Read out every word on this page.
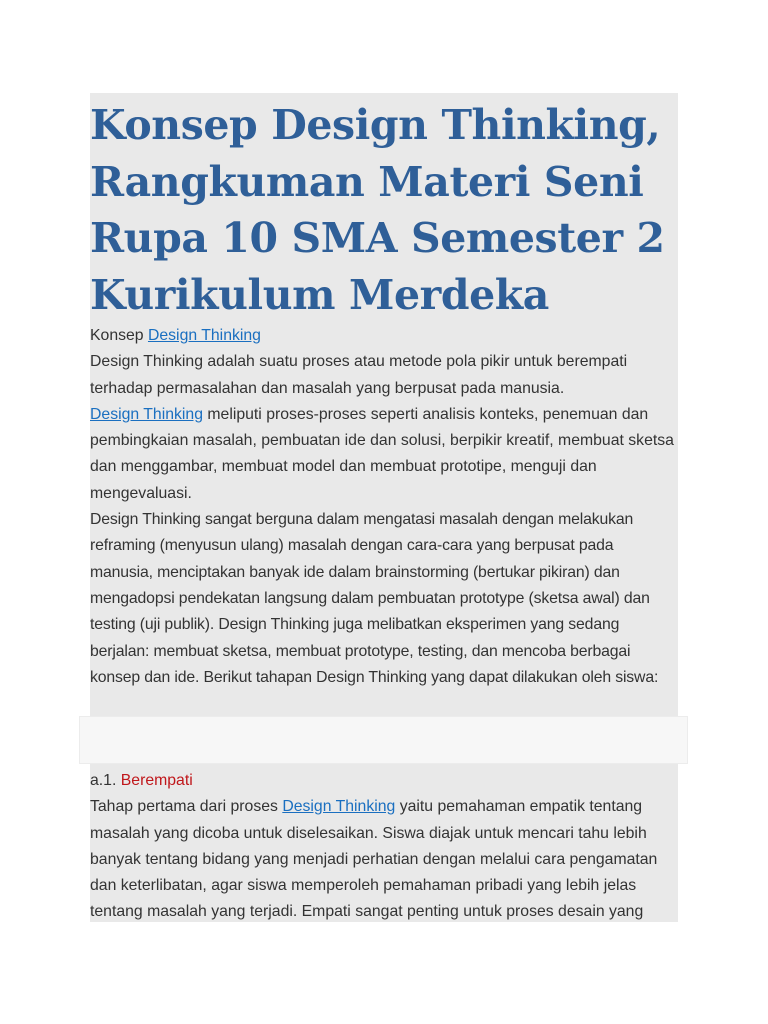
Konsep Design Thinking, Rangkuman Materi Seni Rupa 10 SMA Semester 2 Kurikulum Merdeka

Konsep Design Thinking

Design Thinking adalah suatu proses atau metode pola pikir untuk berempati terhadap permasalahan dan masalah yang berpusat pada manusia.

Design Thinking meliputi proses-proses seperti analisis konteks, penemuan dan pembingkaian masalah, pembuatan ide dan solusi, berpikir kreatif, membuat sketsa dan menggambar, membuat model dan membuat prototipe, menguji dan mengevaluasi.

Design Thinking sangat berguna dalam mengatasi masalah dengan melakukan reframing (menyusun ulang) masalah dengan cara-cara yang berpusat pada manusia, menciptakan banyak ide dalam brainstorming (bertukar pikiran) dan mengadopsi pendekatan langsung dalam pembuatan prototype (sketsa awal) dan testing (uji publik). Design Thinking juga melibatkan eksperimen yang sedang berjalan: membuat sketsa, membuat prototype, testing, dan mencoba berbagai konsep dan ide. Berikut tahapan Design Thinking yang dapat dilakukan oleh siswa:

a.1. Berempati

Tahap pertama dari proses Design Thinking yaitu pemahaman empatik tentang masalah yang dicoba untuk diselesaikan. Siswa diajak untuk mencari tahu lebih banyak tentang bidang yang menjadi perhatian dengan melalui cara pengamatan dan keterlibatan, agar siswa memperoleh pemahaman pribadi yang lebih jelas tentang masalah yang terjadi. Empati sangat penting untuk proses desain yang
